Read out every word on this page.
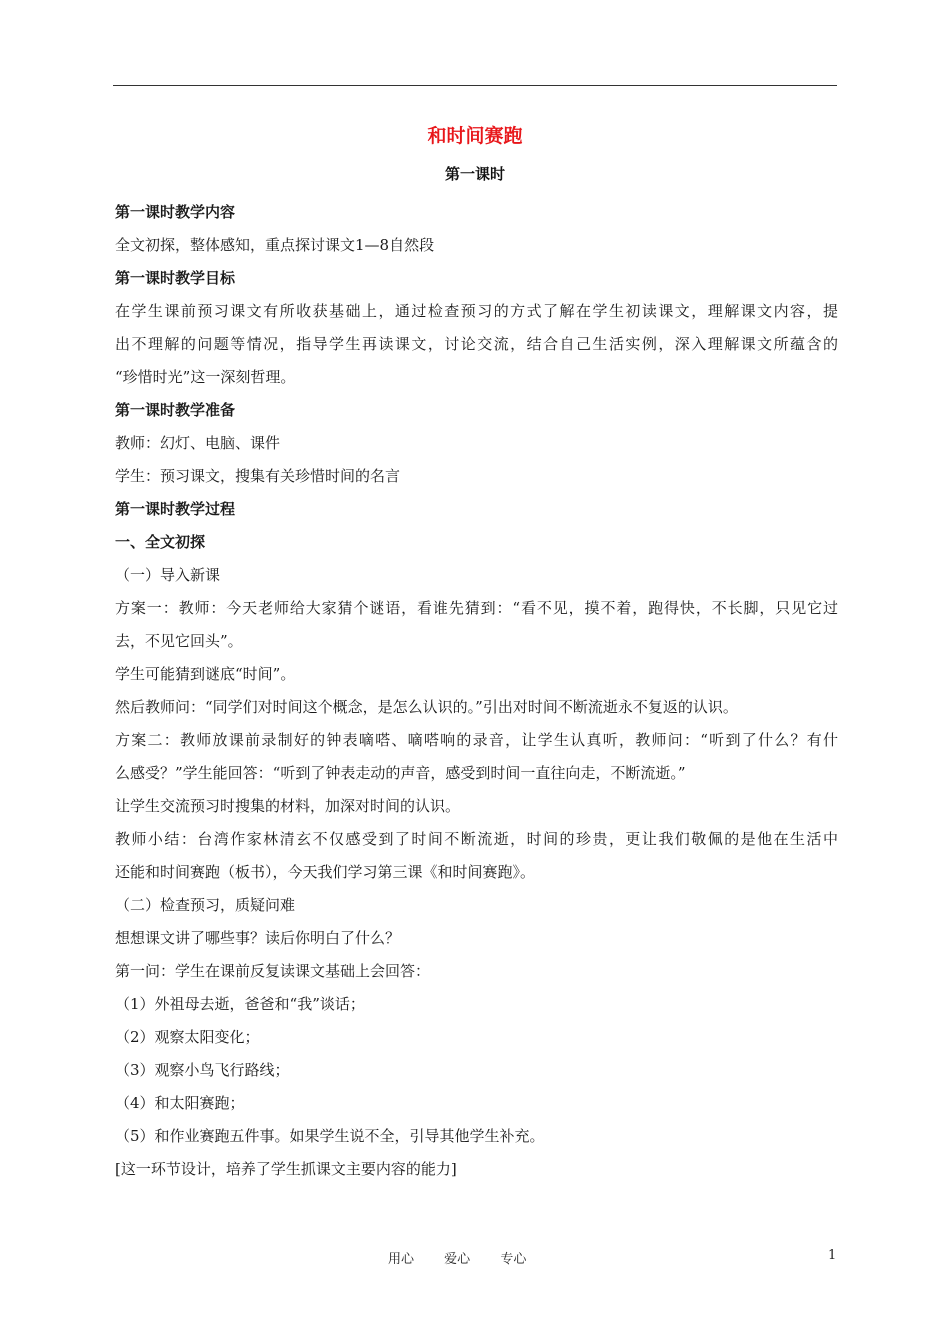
和时间赛跑
第一课时
第一课时教学内容
全文初探，整体感知，重点探讨课文1—8自然段
第一课时教学目标
在学生课前预习课文有所收获基础上，通过检查预习的方式了解在学生初读课文，理解课文内容，提
出不理解的问题等情况，指导学生再读课文，讨论交流，结合自己生活实例，深入理解课文所蕴含的
“珍惜时光”这一深刻哲理。
第一课时教学准备
教师：幻灯、电脑、课件
学生：预习课文，搜集有关珍惜时间的名言
第一课时教学过程
一、全文初探
（一）导入新课
方案一：教师：今天老师给大家猜个谜语，看谁先猜到：“看不见，摸不着，跑得快，不长脚，只见它过
去，不见它回头”。
学生可能猜到谜底“时间”。
然后教师问：“同学们对时间这个概念，是怎么认识的。”引出对时间不断流逝永不复返的认识。
方案二：教师放课前录制好的钟表嘀嗒、嘀嗒响的录音，让学生认真听，教师问：“听到了什么？有什
么感受？”学生能回答：“听到了钟表走动的声音，感受到时间一直往向走，不断流逝。”
让学生交流预习时搜集的材料，加深对时间的认识。
教师小结：台湾作家林清玄不仅感受到了时间不断流逝，时间的珍贵，更让我们敬佩的是他在生活中
还能和时间赛跑（板书），今天我们学习第三课《和时间赛跑》。
（二）检查预习，质疑问难
想想课文讲了哪些事？读后你明白了什么？
第一问：学生在课前反复读课文基础上会回答：
（1）外祖母去逝，爸爸和“我”谈话；
（2）观察太阳变化；
（3）观察小鸟飞行路线；
（4）和太阳赛跑；
（5）和作业赛跑五件事。如果学生说不全，引导其他学生补充。
[这一环节设计，培养了学生抓课文主要内容的能力]
用心 爱心 专心	1
